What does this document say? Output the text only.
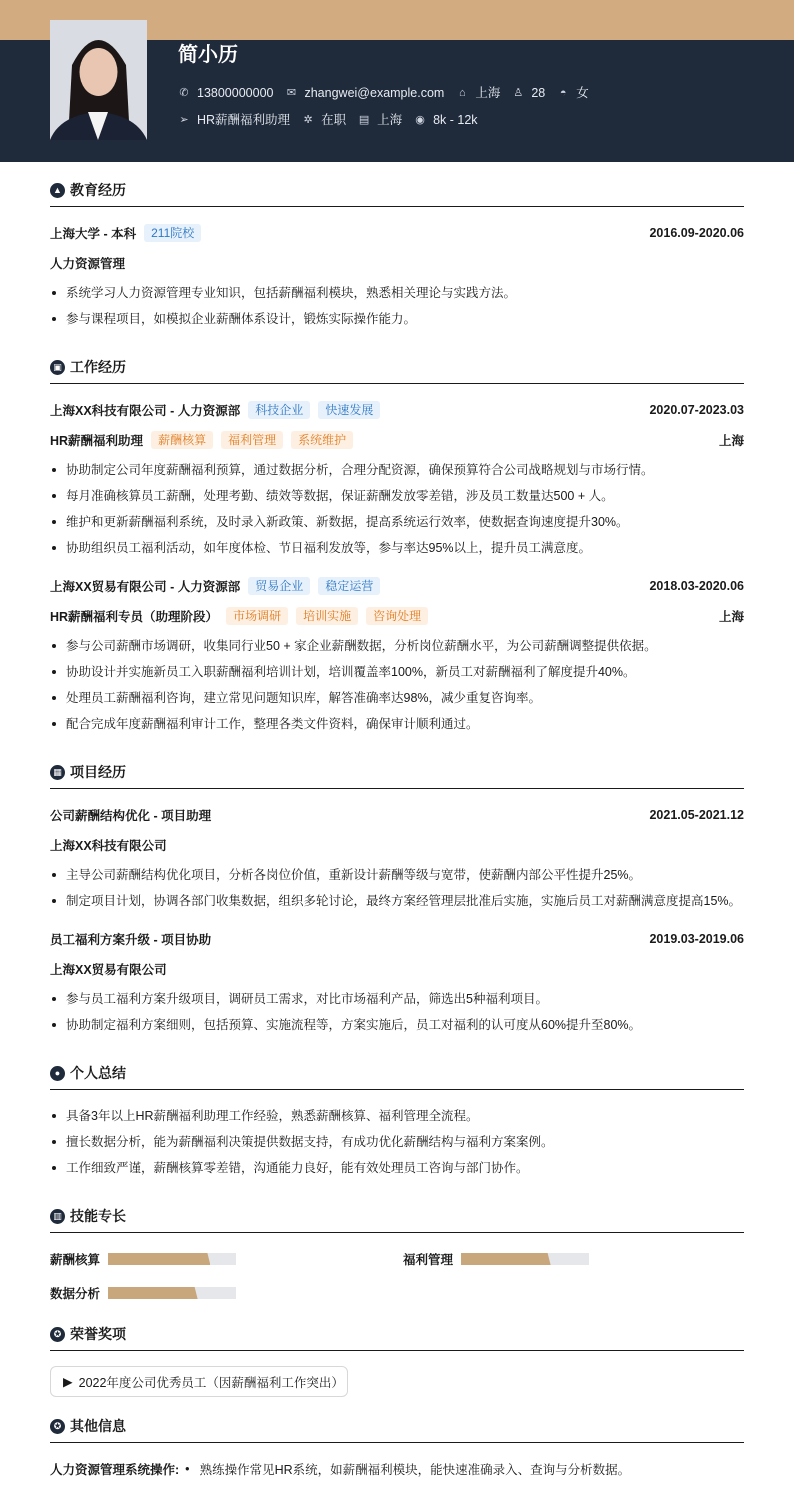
简小历
✆ 13800000000 ✉ zhangwei@example.com ⌂ 上海 ♙ 28 ◓ 女
➢ HR薪酬福利助理 ✲ 在职 ▤ 上海 ◉ 8k - 12k
▲ 教育经历
上海大学 - 本科	211院校	2016.09-2020.06
人力资源管理
系统学习人力资源管理专业知识，包括薪酬福利模块，熟悉相关理论与实践方法。
参与课程项目，如模拟企业薪酬体系设计，锻炼实际操作能力。
▣ 工作经历
上海XX科技有限公司 - 人力资源部	科技企业	快速发展	2020.07-2023.03
HR薪酬福利助理	薪酬核算	福利管理	系统维护	上海
协助制定公司年度薪酬福利预算，通过数据分析，合理分配资源，确保预算符合公司战略规划与市场行情。
每月准确核算员工薪酬，处理考勤、绩效等数据，保证薪酬发放零差错，涉及员工数量达500 + 人。
维护和更新薪酬福利系统，及时录入新政策、新数据，提高系统运行效率，使数据查询速度提升30%。
协助组织员工福利活动，如年度体检、节日福利发放等，参与率达95%以上，提升员工满意度。
上海XX贸易有限公司 - 人力资源部	贸易企业	稳定运营	2018.03-2020.06
HR薪酬福利专员（助理阶段）	市场调研	培训实施	咨询处理	上海
参与公司薪酬市场调研，收集同行业50 + 家企业薪酬数据，分析岗位薪酬水平，为公司薪酬调整提供依据。
协助设计并实施新员工入职薪酬福利培训计划，培训覆盖率100%，新员工对薪酬福利了解度提升40%。
处理员工薪酬福利咨询，建立常见问题知识库，解答准确率达98%，减少重复咨询率。
配合完成年度薪酬福利审计工作，整理各类文件资料，确保审计顺利通过。
▦ 项目经历
公司薪酬结构优化 - 项目助理	2021.05-2021.12
上海XX科技有限公司
主导公司薪酬结构优化项目，分析各岗位价值，重新设计薪酬等级与宽带，使薪酬内部公平性提升25%。
制定项目计划，协调各部门收集数据，组织多轮讨论，最终方案经管理层批准后实施，实施后员工对薪酬满意度提高15%。
员工福利方案升级 - 项目协助	2019.03-2019.06
上海XX贸易有限公司
参与员工福利方案升级项目，调研员工需求，对比市场福利产品，筛选出5种福利项目。
协助制定福利方案细则，包括预算、实施流程等，方案实施后，员工对福利的认可度从60%提升至80%。
● 个人总结
具备3年以上HR薪酬福利助理工作经验，熟悉薪酬核算、福利管理全流程。
擅长数据分析，能为薪酬福利决策提供数据支持，有成功优化薪酬结构与福利方案案例。
工作细致严谨，薪酬核算零差错，沟通能力良好，能有效处理员工咨询与部门协作。
▥ 技能专长
薪酬核算	福利管理
数据分析
✪ 荣誉奖项
▶ 2022年度公司优秀员工（因薪酬福利工作突出）
✪ 其他信息
人力资源管理系统操作: • 熟练操作常见HR系统，如薪酬福利模块，能快速准确录入、查询与分析数据。
